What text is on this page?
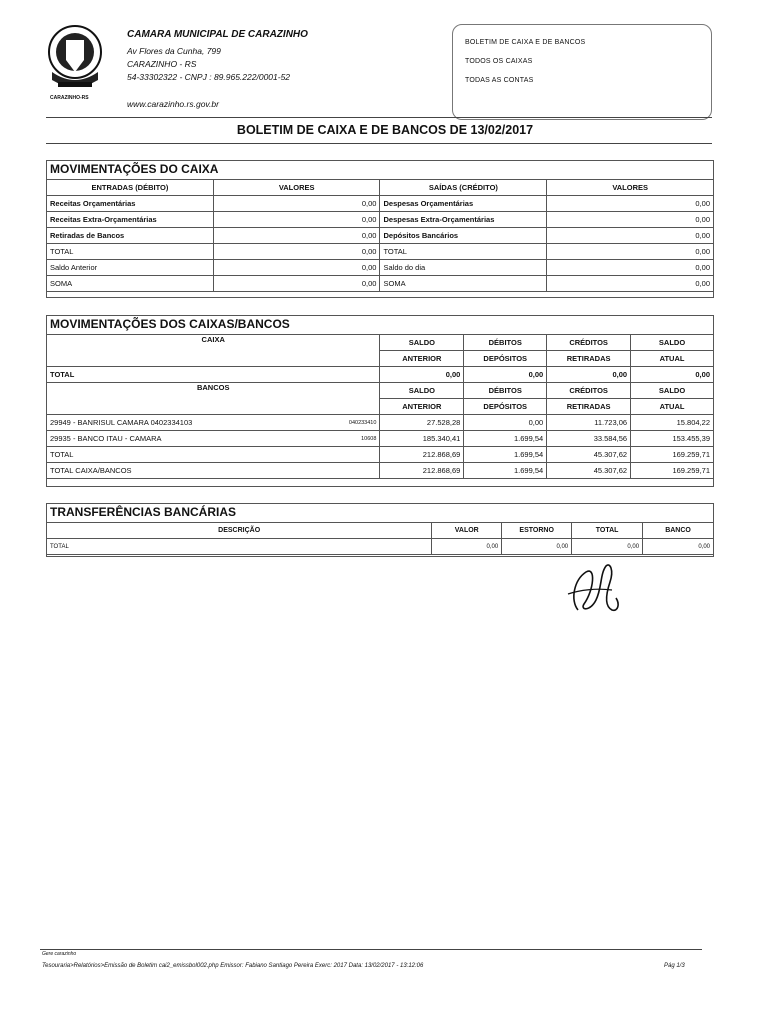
CARAZINHO-RS
CAMARA MUNICIPAL DE CARAZINHO
Av Flores da Cunha, 799
CARAZINHO - RS
54-33302322 - CNPJ : 89.965.222/0001-52
www.carazinho.rs.gov.br
BOLETIM DE CAIXA E DE BANCOS
TODOS OS CAIXAS
TODAS AS CONTAS
BOLETIM DE CAIXA E DE BANCOS DE 13/02/2017
MOVIMENTAÇÕES DO CAIXA
ENTRADAS (DÉBITO)	VALORES	SAÍDAS (CRÉDITO)	VALORES
Receitas Orçamentárias	0,00	Despesas Orçamentárias	0,00
Receitas Extra-Orçamentárias	0,00	Despesas Extra-Orçamentárias	0,00
Retiradas de Bancos	0,00	Depósitos Bancários	0,00
TOTAL	0,00	TOTAL	0,00
Saldo Anterior	0,00	Saldo do dia	0,00
SOMA	0,00	SOMA	0,00
MOVIMENTAÇÕES DOS CAIXAS/BANCOS
CAIXA	SALDO	DÉBITOS	CRÉDITOS	SALDO
	ANTERIOR	DEPÓSITOS	RETIRADAS	ATUAL
TOTAL	0,00	0,00	0,00	0,00
BANCOS	SALDO	DÉBITOS	CRÉDITOS	SALDO
	ANTERIOR	DEPÓSITOS	RETIRADAS	ATUAL
29949 - BANRISUL CAMARA 0402334103 040233410	27.528,28	0,00	11.723,06	15.804,22
29935 - BANCO ITAU - CAMARA 10608	185.340,41	1.699,54	33.584,56	153.455,39
TOTAL	212.868,69	1.699,54	45.307,62	169.259,71
TOTAL CAIXA/BANCOS	212.868,69	1.699,54	45.307,62	169.259,71
TRANSFERÊNCIAS BANCÁRIAS
DESCRIÇÃO	VALOR	ESTORNO	TOTAL	BANCO
TOTAL	0,00	0,00	0,00	0,00
Gere carazinho
Tesouraria>Relatórios>Emissão de Boletim cai2_emissbol002.php Emissor: Fabiano Santiago Pereira Exerc: 2017 Data: 13/02/2017 - 13:12:06	Pág 1/3
